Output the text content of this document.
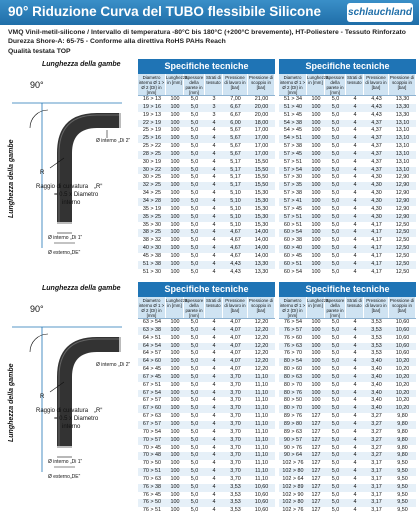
90° Riduzione Curva del TUBO flessibile Silicone	schlauchland
VMQ Vinil-metil-silicone / Intervallo di temperatura -80°C bis 180°C (+200°C brevemente), HT-Poliestere - Tessuto Rinforzato
Durezza Shore-A: 65-75 - Conforme alla direttiva RoHS PAHs Reach
Qualità testata TOP
Lunghezza della gambe
Lunghezza della gambe
90°
Ø interno „Di 2“
R
Raggio di curvatura „R“
= 0.5 x Diametro
interno
Ø interno „Di 1“
Ø esterno„DE“
Lunghezza della gambe
Lunghezza della gambe
90°
Ø interno „Di 2“
R
Raggio di curvatura „R“
= 0.5 x Diametro
interno
Ø interno „Di 1“
Ø esterno„DE“
Specifiche tecniche
Diametro interno Ø 1 > Ø 2 (DI) in [mm]
Lunghezza in [mm]
Spessore della parete in [mm]
Strati di tessuto
Pressione di lavoro in [bar]
Pressione di scoppio in [bar]
16 > 13	100	5,0	3	7,00	21,00
19 > 16	100	5,0	3	6,67	20,00
19 > 13	100	5,0	3	6,67	20,00
22 > 19	100	5,0	4	6,00	18,00
25 > 19	100	5,0	4	5,67	17,00
25 > 16	100	5,0	4	5,67	17,00
25 > 22	100	5,0	4	5,67	17,00
28 > 25	100	5,0	4	5,67	17,00
30 > 19	100	5,0	4	5,17	15,50
30 > 22	100	5,0	4	5,17	15,50
30 > 25	100	5,0	4	5,17	15,50
32 > 25	100	5,0	4	5,17	15,50
34 > 25	100	5,0	4	5,10	15,30
34 > 28	100	5,0	4	5,10	15,30
35 > 19	100	5,0	4	5,10	15,30
35 > 25	100	5,0	4	5,10	15,30
35 > 30	100	5,0	4	5,10	15,30
38 > 25	100	5,0	4	4,67	14,00
38 > 32	100	5,0	4	4,67	14,00
40 > 30	100	5,0	4	4,67	14,00
45 > 38	100	5,0	4	4,67	14,00
51 > 38	100	5,0	4	4,43	13,30
51 > 30	100	5,0	4	4,43	13,30
Specifiche tecniche
Diametro interno Ø 1 > Ø 2 (DI) in [mm]
Lunghezza in [mm]
Spessore della parete in [mm]
Strati di tessuto
Pressione di lavoro in [bar]
Pressione di scoppio in [bar]
51 > 34	100	5,0	4	4,43	13,30
51 > 40	100	5,0	4	4,43	13,30
51 > 45	100	5,0	4	4,43	13,30
54 > 38	100	5,0	4	4,37	13,10
54 > 45	100	5,0	4	4,37	13,10
54 > 51	100	5,0	4	4,37	13,10
57 > 38	100	5,0	4	4,37	13,10
57 > 45	100	5,0	4	4,37	13,10
57 > 51	100	5,0	4	4,37	13,10
57 > 54	100	5,0	4	4,37	13,10
57 > 30	100	5,0	4	4,30	12,90
57 > 35	100	5,0	4	4,30	12,90
57 > 38	100	5,0	4	4,30	12,90
57 > 41	100	5,0	4	4,30	12,90
57 > 45	100	5,0	4	4,30	12,90
57 > 51	100	5,0	4	4,30	12,90
60 > 51	100	5,0	4	4,17	12,50
60 > 54	100	5,0	4	4,17	12,50
60 > 38	100	5,0	4	4,17	12,50
60 > 40	100	5,0	4	4,17	12,50
60 > 45	100	5,0	4	4,17	12,50
60 > 51	100	5,0	4	4,17	12,50
60 > 54	100	5,0	4	4,17	12,50
Specifiche tecniche
Diametro interno Ø 1 > Ø 2 (DI) in [mm]
Lunghezza in [mm]
Spessore della parete in [mm]
Strati di tessuto
Pressione di lavoro in [bar]
Pressione di scoppio in [bar]
63 > 54	100	5,0	4	4,07	12,20
63 > 38	100	5,0	4	4,07	12,20
64 > 51	100	5,0	4	4,07	12,20
64 > 54	100	5,0	4	4,07	12,20
64 > 57	100	5,0	4	4,07	12,20
64 > 60	100	5,0	4	4,07	12,20
64 > 45	100	5,0	4	4,07	12,20
67 > 45	100	5,0	4	3,70	11,10
67 > 51	100	5,0	4	3,70	11,10
67 > 54	100	5,0	4	3,70	11,10
67 > 57	100	5,0	4	3,70	11,10
67 > 60	100	5,0	4	3,70	11,10
67 > 63	100	5,0	4	3,70	11,10
67 > 57	100	5,0	4	3,70	11,10
70 > 54	100	5,0	4	3,70	11,10
70 > 57	100	5,0	4	3,70	11,10
70 > 45	100	5,0	4	3,70	11,10
70 > 48	100	5,0	4	3,70	11,10
70 > 50	100	5,0	4	3,70	11,10
70 > 51	100	5,0	4	3,70	11,10
70 > 63	100	5,0	4	3,70	11,10
76 > 38	100	5,0	4	3,53	10,60
76 > 45	100	5,0	4	3,53	10,60
76 > 50	100	5,0	4	3,53	10,60
76 > 51	100	5,0	4	3,53	10,60
Specifiche tecniche
Diametro interno Ø 1 > Ø 2 (DI) in [mm]
Lunghezza in [mm]
Spessore della parete in [mm]
Strati di tessuto
Pressione di lavoro in [bar]
Pressione di scoppio in [bar]
76 > 54	100	5,0	4	3,53	10,60
76 > 57	100	5,0	4	3,53	10,60
76 > 60	100	5,0	4	3,53	10,60
76 > 63	100	5,0	4	3,53	10,60
76 > 70	100	5,0	4	3,53	10,60
80 > 54	100	5,0	4	3,40	10,20
80 > 60	100	5,0	4	3,40	10,20
80 > 63	100	5,0	4	3,40	10,20
80 > 70	100	5,0	4	3,40	10,20
80 > 76	100	5,0	4	3,40	10,20
80 > 50	100	5,0	4	3,40	10,20
80 > 70	100	5,0	4	3,40	10,20
89 > 76	127	5,0	4	3,27	9,80
89 > 80	127	5,0	4	3,27	9,80
89 > 63	127	5,0	4	3,27	9,80
90 > 57	127	5,0	4	3,27	9,80
90 > 76	127	5,0	4	3,27	9,80
90 > 64	127	5,0	4	3,27	9,80
102 > 76	127	5,0	4	3,17	9,50
102 > 80	127	5,0	4	3,17	9,50
102 > 64	127	5,0	4	3,17	9,50
102 > 89	127	5,0	4	3,17	9,50
102 > 90	127	5,0	4	3,17	9,50
102 > 80	127	5,0	4	3,17	9,50
102 > 76	127	5,0	4	3,17	9,50
